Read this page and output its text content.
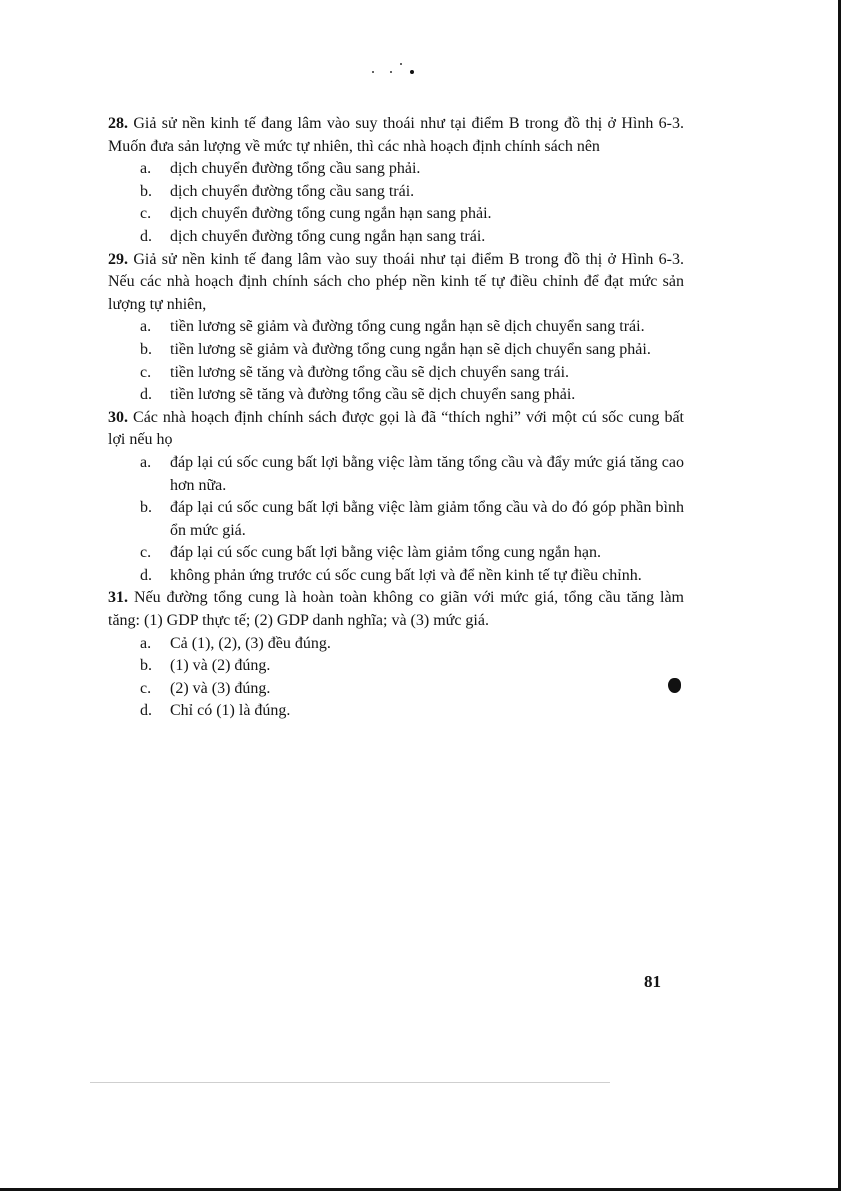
28. Giả sử nền kinh tế đang lâm vào suy thoái như tại điểm B trong đồ thị ở Hình 6-3. Muốn đưa sản lượng về mức tự nhiên, thì các nhà hoạch định chính sách nên
a. dịch chuyển đường tổng cầu sang phải.
b. dịch chuyển đường tổng cầu sang trái.
c. dịch chuyển đường tổng cung ngắn hạn sang phải.
d. dịch chuyển đường tổng cung ngắn hạn sang trái.
29. Giả sử nền kinh tế đang lâm vào suy thoái như tại điểm B trong đồ thị ở Hình 6-3. Nếu các nhà hoạch định chính sách cho phép nền kinh tế tự điều chỉnh để đạt mức sản lượng tự nhiên,
a. tiền lương sẽ giảm và đường tổng cung ngắn hạn sẽ dịch chuyển sang trái.
b. tiền lương sẽ giảm và đường tổng cung ngắn hạn sẽ dịch chuyển sang phải.
c. tiền lương sẽ tăng và đường tổng cầu sẽ dịch chuyển sang trái.
d. tiền lương sẽ tăng và đường tổng cầu sẽ dịch chuyển sang phải.
30. Các nhà hoạch định chính sách được gọi là đã “thích nghi” với một cú sốc cung bất lợi nếu họ
a. đáp lại cú sốc cung bất lợi bằng việc làm tăng tổng cầu và đẩy mức giá tăng cao hơn nữa.
b. đáp lại cú sốc cung bất lợi bằng việc làm giảm tổng cầu và do đó góp phần bình ổn mức giá.
c. đáp lại cú sốc cung bất lợi bằng việc làm giảm tổng cung ngắn hạn.
d. không phản ứng trước cú sốc cung bất lợi và để nền kinh tế tự điều chỉnh.
31. Nếu đường tổng cung là hoàn toàn không co giãn với mức giá, tổng cầu tăng làm tăng: (1) GDP thực tế; (2) GDP danh nghĩa; và (3) mức giá.
a. Cả (1), (2), (3) đều đúng.
b. (1) và (2) đúng.
c. (2) và (3) đúng.
d. Chỉ có (1) là đúng.
81
